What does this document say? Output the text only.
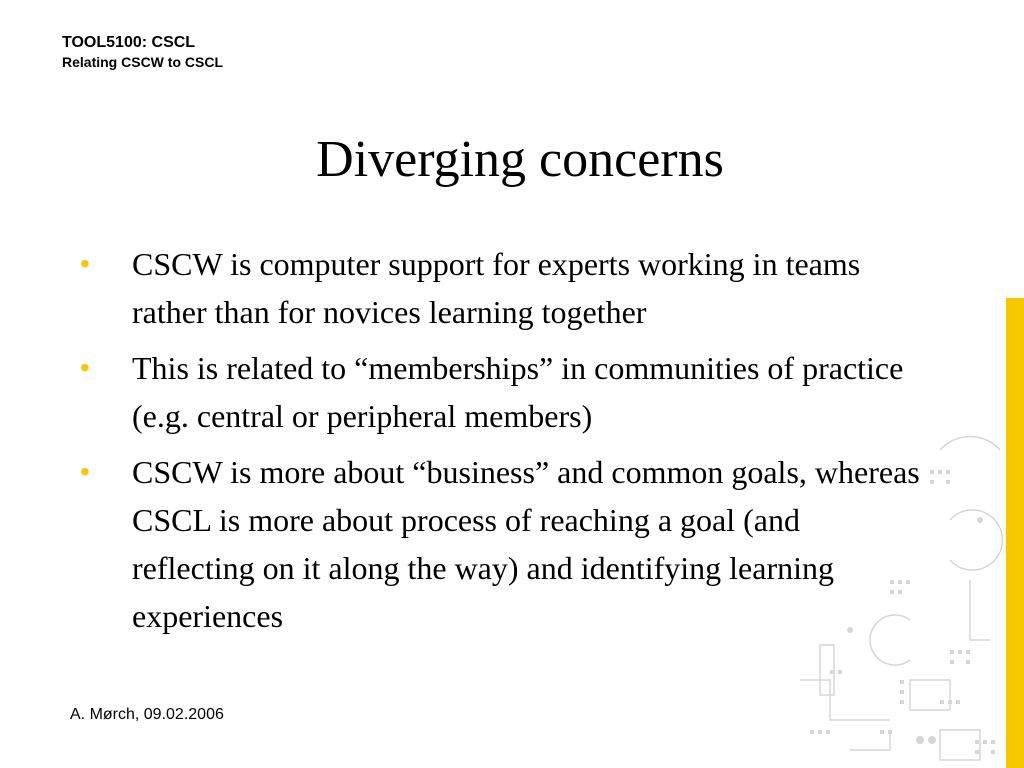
TOOL5100: CSCL
Relating CSCW to CSCL
Diverging concerns
• CSCW is computer support for experts working in teams rather than for novices learning together
• This is related to “memberships” in communities of practice (e.g. central or peripheral members)
• CSCW is more about “business” and common goals, whereas CSCL is more about process of reaching a goal (and reflecting on it along the way) and identifying learning experiences
A. Mørch, 09.02.2006
